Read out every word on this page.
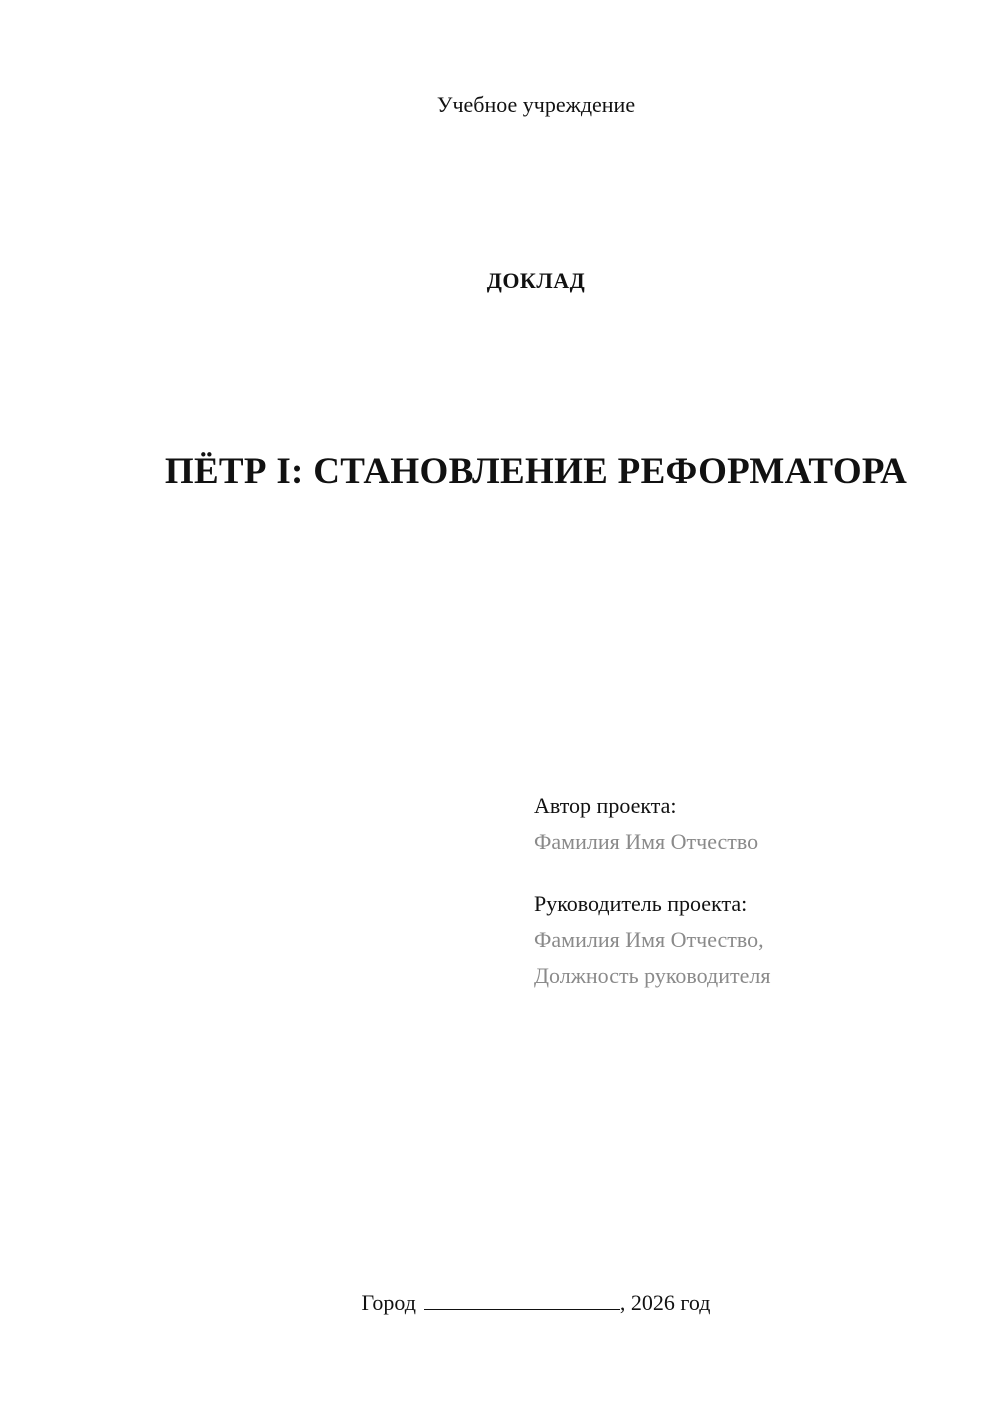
Учебное учреждение
ДОКЛАД
ПЁТР I: СТАНОВЛЕНИЕ РЕФОРМАТОРА
Автор проекта:
Фамилия Имя Отчество
Руководитель проекта:
Фамилия Имя Отчество,
Должность руководителя
Город	, 2026 год
